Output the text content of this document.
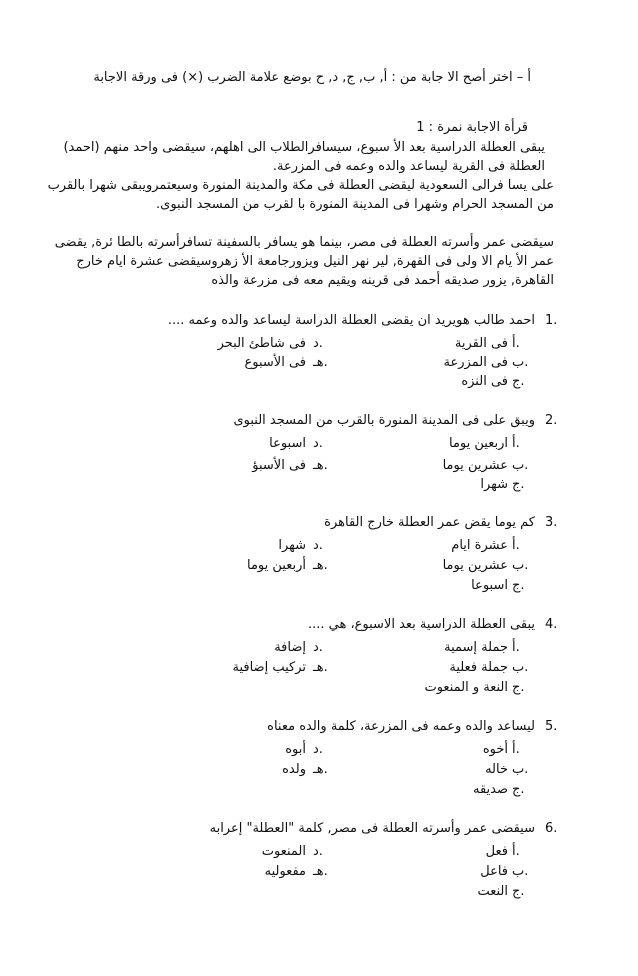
أ – اختر أصح الا جابة من : أ, ب, ج, د, ح بوضع علامة الضرب (×) فى ورقة الاجابة
قرأة الاجابة نمرة : 1
يبقى العطلة الدراسية بعد الأ سبوع، سيسافرالطلاب الى اهلهم، سيقضى واحد منهم (احمد)
العطلة فى القرية ليساعد والده وعمه فى المزرعة.
على يسا فرالى السعودية ليقضى العطلة فى مكة والمدينة المنورة وسيعتمرويبقى شهرا بالقرب
من المسجد الحرام وشهرا فى المدينة المنورة با لقرب من المسجد النبوى.
سيقضى عمر وأسرته العطلة فى مصر، بينما هو يسافر بالسفينة تسافرأسرته بالطا ئرة, يقضى
عمر الأ يام الا ولى فى القهرة, لير نهر النيل ويزورجامعة الأ زهروسيقضى عشرة ايام خارج
القاهرة, يزور صديقه أحمد فى قرينه ويقيم معه فى مزرعة والذه
1.
احمد طالب هويريد ان يقضى العطلة الدراسة ليساعد والده وعمه ....
أ.
فى القرية
د.
فى شاطئ البحر
ب.
فى المزرعة
هـ.
فى الأسبوع
ج.
فى النزه
2.
ويبق على فى المدينة المنورة بالقرب من المسجد النبوى
أ.
اربعين يوما
د.
اسبوعا
ب.
عشرين يوما
هـ.
فى الأسبؤ
ج.
شهرا
3.
كم يوما يقض عمر العطلة خارج القاهرة
أ.
عشرة ايام
د.
شهرا
ب.
عشرين يوما
هـ.
أربعين يوما
ج.
اسبوعا
4.
يبقى العطلة الدراسية بعد الاسبوع، هي ....
أ.
جملة إسمية
د.
إضافة
ب.
جملة فعلية
هـ.
تركيب إضافية
ج.
النعة و المنعوت
5.
ليساعد والده وعمه فى المزرعة، كلمة والده معناه
أ.
أخوه
د.
أبوه
ب.
خاله
هـ.
ولده
ج.
صديقه
6.
سيقضى عمر وأسرته العطلة فى مصر, كلمة "العطلة" إعرابه
أ.
فعل
د.
المنعوت
ب.
فاعل
هـ.
مفعوليه
ج.
النعت
